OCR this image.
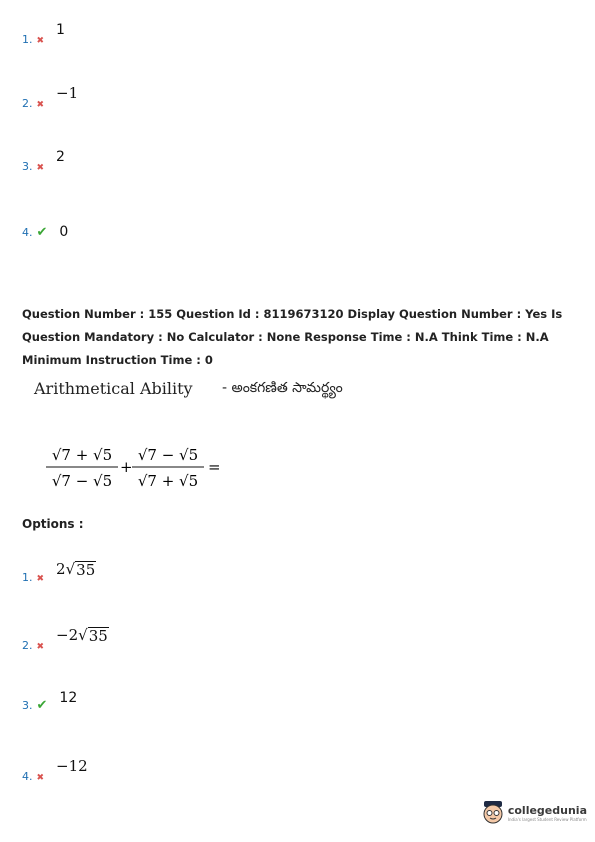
1. ✖
1
2. ✖
−1
3. ✖
2
4. ✔ 0
Question Number : 155 Question Id : 8119673120 Display Question Number : Yes Is Question Mandatory : No Calculator : None Response Time : N.A Think Time : N.A Minimum Instruction Time : 0
Arithmetical Ability - అంకగణిత సామర్థ్యం
√7 + √5
√7 − √5
+
√7 − √5
√7 + √5
=
Options :
1. ✖
2√ 35
2. ✖
−2√ 35
3. ✔ 12
4. ✖
−12
collegedunia
India's largest Student Review Platform
